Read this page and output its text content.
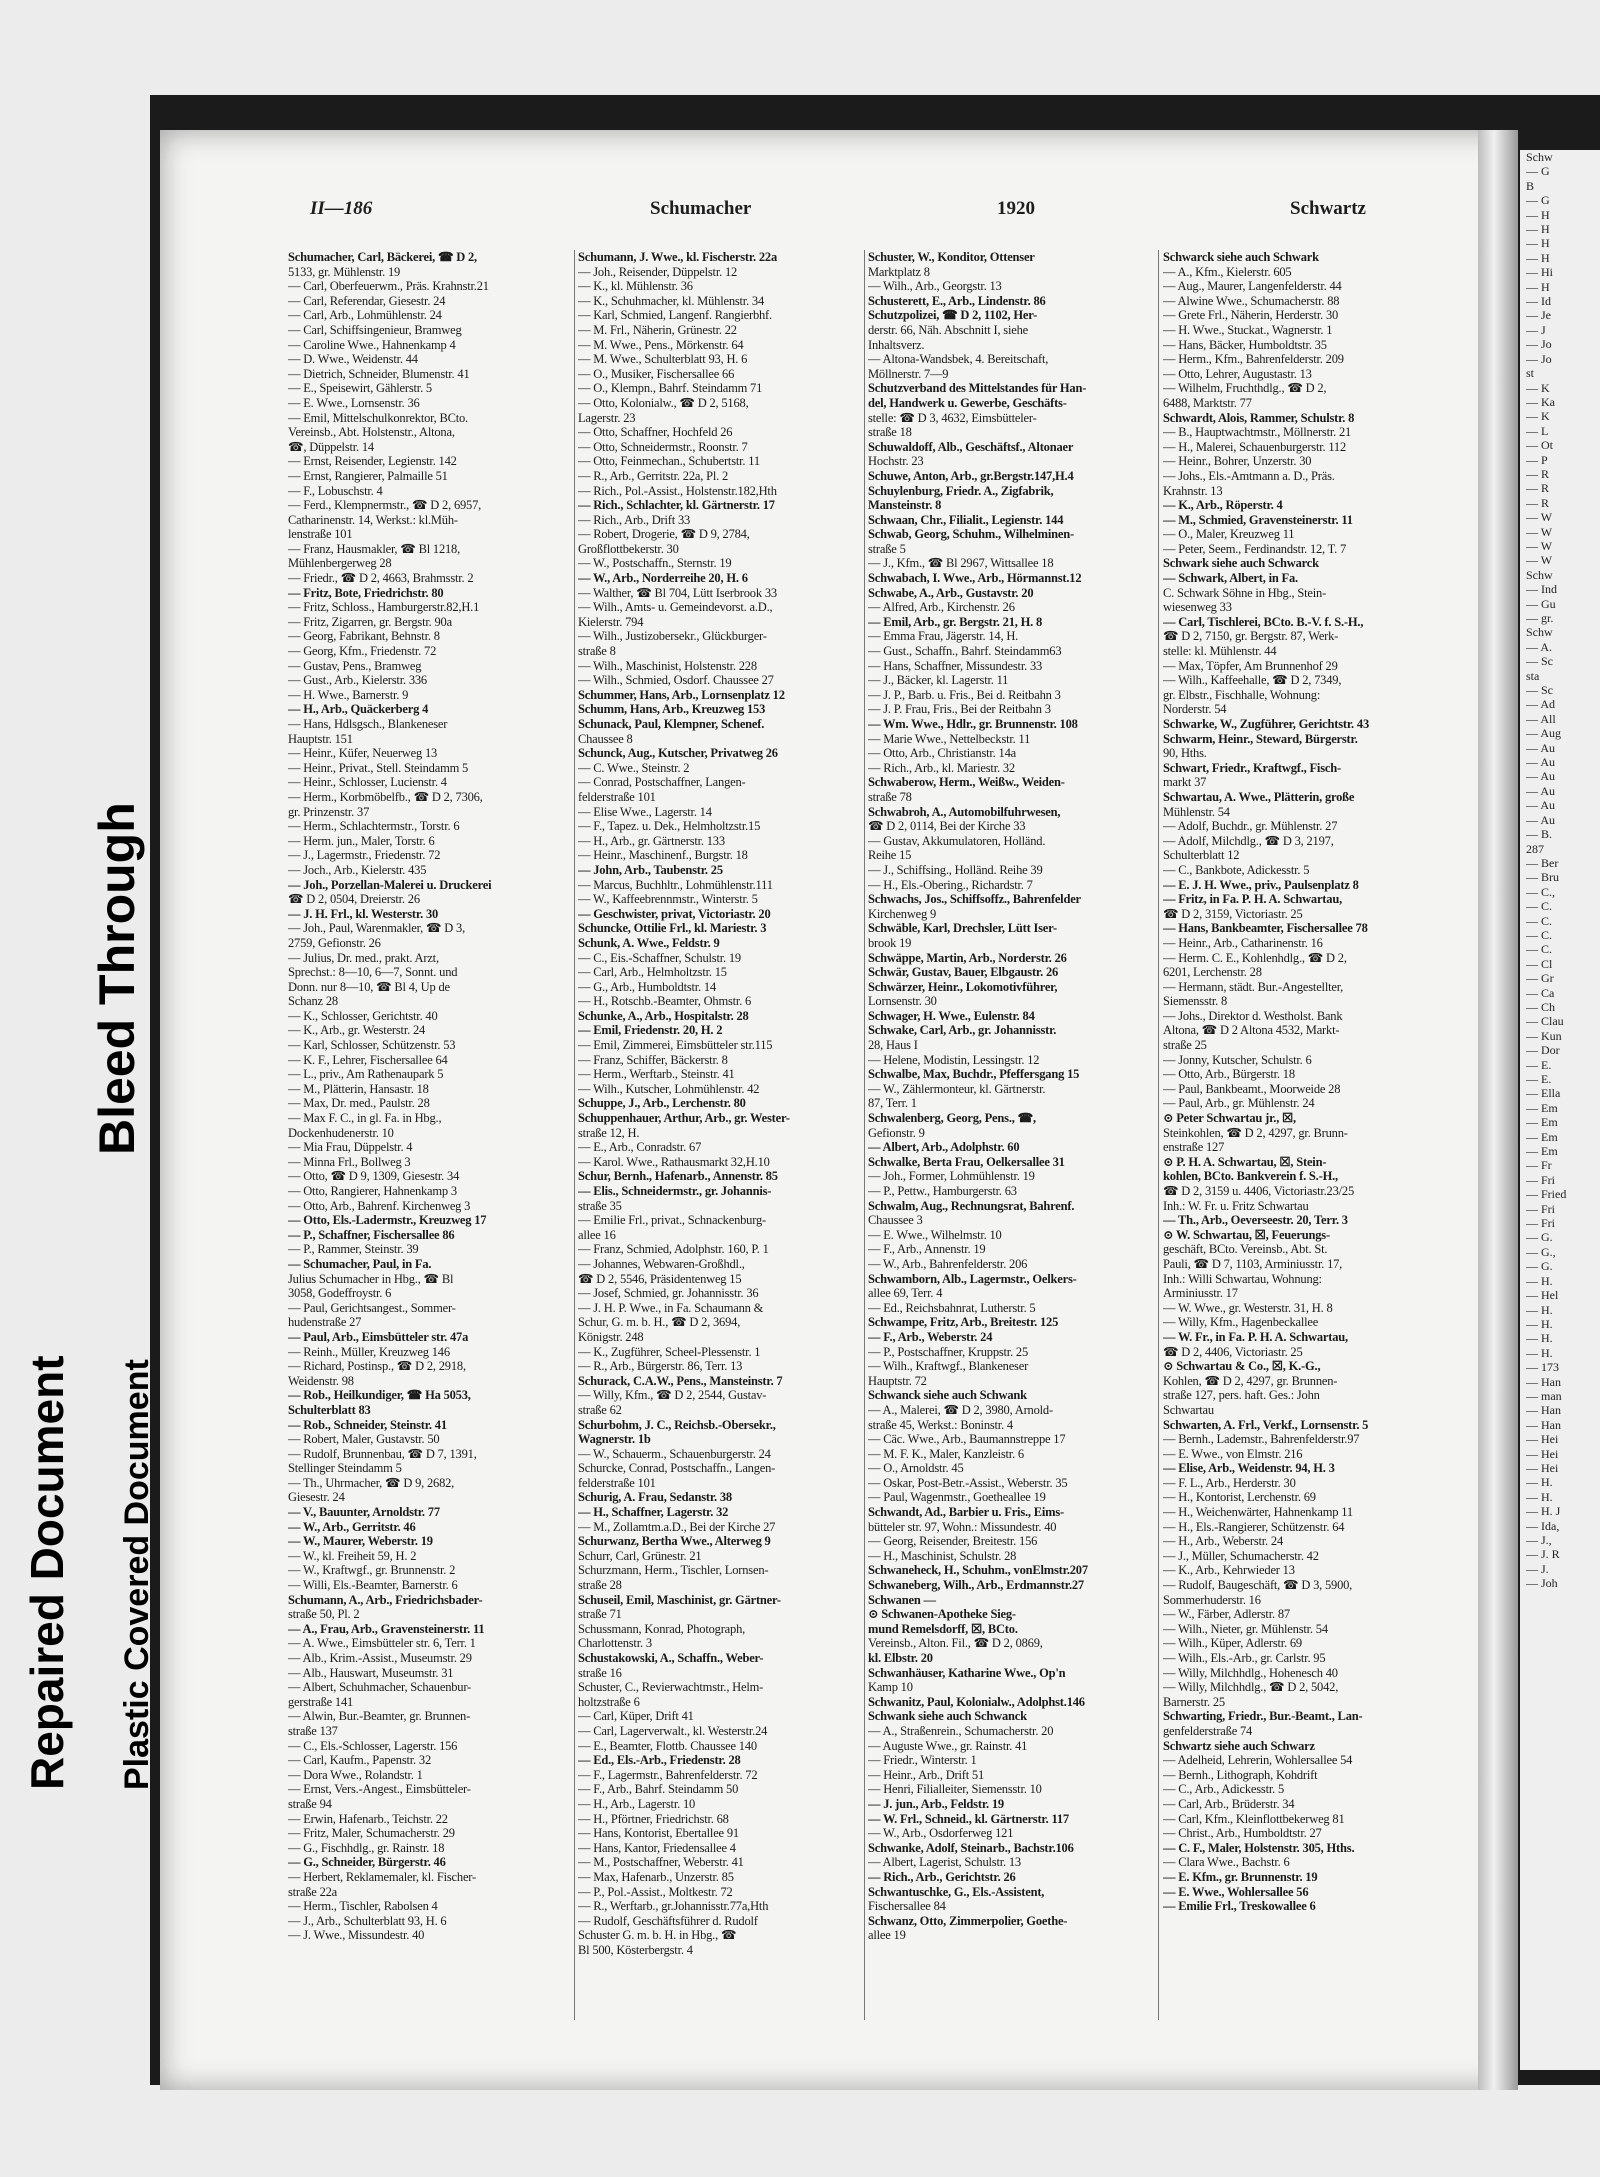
Schw
— G
B
— G
— H
— H
— H
— H
— Hi
— H
— Id
— Je
— J
— Jo
— Jo
st
— K
— Ka
— K
— L
— Ot
— P
— R
— R
— R
— W
— W
— W
— W
Schw
— Ind
— Gu
— gr.
Schw
— A.
— Sc
sta
— Sc
— Ad
— All
— Aug
— Au
— Au
— Au
— Au
— Au
— Au
— B.
287
— Ber
— Bru
— C.,
— C.
— C.
— C.
— C.
— Cl
— Gr
— Ca
— Ch
— Clau
— Kun
— Dor
— E.
— E.
— Ella
— Em
— Em
— Em
— Em
— Fr
— Fri
— Fried
— Fri
— Fri
— G.
— G.,
— G.
— H.
— Hel
— H.
— H.
— H.
— H.
— 173
— Han
— man
— Han
— Han
— Hei
— Hei
— Hei
— H.
— H.
— H. J
— Ida,
— J.,
— J. R
— J.
— Joh
Bleed Through
Repaired Document Plastic Covered Document
II—186	Schumacher	1920	Schwartz
Schumacher, Carl, Bäckerei, ☎ D 2,
5133, gr. Mühlenstr. 19
— Carl, Oberfeuerwm., Präs. Krahnstr.21
— Carl, Referendar, Giesestr. 24
— Carl, Arb., Lohmühlenstr. 24
— Carl, Schiffsingenieur, Bramweg
— Caroline Wwe., Hahnenkamp 4
— D. Wwe., Weidenstr. 44
— Dietrich, Schneider, Blumenstr. 41
— E., Speisewirt, Gählerstr. 5
— E. Wwe., Lornsenstr. 36
— Emil, Mittelschulkonrektor, BCto.
Vereinsb., Abt. Holstenstr., Altona,
☎, Düppelstr. 14
— Ernst, Reisender, Legienstr. 142
— Ernst, Rangierer, Palmaille 51
— F., Lobuschstr. 4
— Ferd., Klempnermstr., ☎ D 2, 6957,
Catharinenstr. 14, Werkst.: kl.Müh-
lenstraße 101
— Franz, Hausmakler, ☎ Bl 1218,
Mühlenbergerweg 28
— Friedr., ☎ D 2, 4663, Brahmsstr. 2
— Fritz, Bote, Friedrichstr. 80
— Fritz, Schloss., Hamburgerstr.82,H.1
— Fritz, Zigarren, gr. Bergstr. 90a
— Georg, Fabrikant, Behnstr. 8
— Georg, Kfm., Friedenstr. 72
— Gustav, Pens., Bramweg
— Gust., Arb., Kielerstr. 336
— H. Wwe., Barnerstr. 9
— H., Arb., Quäckerberg 4
— Hans, Hdlsgsch., Blankeneser
Hauptstr. 151
— Heinr., Küfer, Neuerweg 13
— Heinr., Privat., Stell. Steindamm 5
— Heinr., Schlosser, Lucienstr. 4
— Herm., Korbmöbelfb., ☎ D 2, 7306,
gr. Prinzenstr. 37
— Herm., Schlachtermstr., Torstr. 6
— Herm. jun., Maler, Torstr. 6
— J., Lagermstr., Friedenstr. 72
— Joch., Arb., Kielerstr. 435
— Joh., Porzellan-Malerei u. Druckerei
☎ D 2, 0504, Dreierstr. 26
— J. H. Frl., kl. Westerstr. 30
— Joh., Paul, Warenmakler, ☎ D 3,
2759, Gefionstr. 26
— Julius, Dr. med., prakt. Arzt,
Sprechst.: 8—10, 6—7, Sonnt. und
Donn. nur 8—10, ☎ Bl 4, Up de
Schanz 28
— K., Schlosser, Gerichtstr. 40
— K., Arb., gr. Westerstr. 24
— Karl, Schlosser, Schützenstr. 53
— K. F., Lehrer, Fischersallee 64
— L., priv., Am Rathenaupark 5
— M., Plätterin, Hansastr. 18
— Max, Dr. med., Paulstr. 28
— Max F. C., in gl. Fa. in Hbg.,
Dockenhudenerstr. 10
— Mia Frau, Düppelstr. 4
— Minna Frl., Bollweg 3
— Otto, ☎ D 9, 1309, Giesestr. 34
— Otto, Rangierer, Hahnenkamp 3
— Otto, Arb., Bahrenf. Kirchenweg 3
— Otto, Els.-Ladermstr., Kreuzweg 17
— P., Schaffner, Fischersallee 86
— P., Rammer, Steinstr. 39
— Schumacher, Paul, in Fa.
Julius Schumacher in Hbg., ☎ Bl
3058, Godeffroystr. 6
— Paul, Gerichtsangest., Sommer-
hudenstraße 27
— Paul, Arb., Eimsbütteler str. 47a
— Reinh., Müller, Kreuzweg 146
— Richard, Postinsp., ☎ D 2, 2918,
Weidenstr. 98
— Rob., Heilkundiger, ☎ Ha 5053,
Schulterblatt 83
— Rob., Schneider, Steinstr. 41
— Robert, Maler, Gustavstr. 50
— Rudolf, Brunnenbau, ☎ D 7, 1391,
Stellinger Steindamm 5
— Th., Uhrmacher, ☎ D 9, 2682,
Giesestr. 24
— V., Bauunter, Arnoldstr. 77
— W., Arb., Gerritstr. 46
— W., Maurer, Weberstr. 19
— W., kl. Freiheit 59, H. 2
— W., Kraftwgf., gr. Brunnenstr. 2
— Willi, Els.-Beamter, Barnerstr. 6
Schumann, A., Arb., Friedrichsbader-
straße 50, Pl. 2
— A., Frau, Arb., Gravensteinerstr. 11
— A. Wwe., Eimsbütteler str. 6, Terr. 1
— Alb., Krim.-Assist., Museumstr. 29
— Alb., Hauswart, Museumstr. 31
— Albert, Schuhmacher, Schauenbur-
gerstraße 141
— Alwin, Bur.-Beamter, gr. Brunnen-
straße 137
— C., Els.-Schlosser, Lagerstr. 156
— Carl, Kaufm., Papenstr. 32
— Dora Wwe., Rolandstr. 1
— Ernst, Vers.-Angest., Eimsbütteler-
straße 94
— Erwin, Hafenarb., Teichstr. 22
— Fritz, Maler, Schumacherstr. 29
— G., Fischhdlg., gr. Rainstr. 18
— G., Schneider, Bürgerstr. 46
— Herbert, Reklamemaler, kl. Fischer-
straße 22a
— Herm., Tischler, Rabolsen 4
— J., Arb., Schulterblatt 93, H. 6
— J. Wwe., Missundestr. 40
Schumann, J. Wwe., kl. Fischerstr. 22a
— Joh., Reisender, Düppelstr. 12
— K., kl. Mühlenstr. 36
— K., Schuhmacher, kl. Mühlenstr. 34
— Karl, Schmied, Langenf. Rangierbhf.
— M. Frl., Näherin, Grünestr. 22
— M. Wwe., Pens., Mörkenstr. 64
— M. Wwe., Schulterblatt 93, H. 6
— O., Musiker, Fischersallee 66
— O., Klempn., Bahrf. Steindamm 71
— Otto, Kolonialw., ☎ D 2, 5168,
Lagerstr. 23
— Otto, Schaffner, Hochfeld 26
— Otto, Schneidermstr., Roonstr. 7
— Otto, Feinmechan., Schubertstr. 11
— R., Arb., Gerritstr. 22a, Pl. 2
— Rich., Pol.-Assist., Holstenstr.182,Hth
— Rich., Schlachter, kl. Gärtnerstr. 17
— Rich., Arb., Drift 33
— Robert, Drogerie, ☎ D 9, 2784,
Großflottbekerstr. 30
— W., Postschaffn., Sternstr. 19
— W., Arb., Norderreihe 20, H. 6
— Walther, ☎ Bl 704, Lütt Iserbrook 33
— Wilh., Amts- u. Gemeindevorst. a.D.,
Kielerstr. 794
— Wilh., Justizobersekr., Glückburger-
straße 8
— Wilh., Maschinist, Holstenstr. 228
— Wilh., Schmied, Osdorf. Chaussee 27
Schummer, Hans, Arb., Lornsenplatz 12
Schumm, Hans, Arb., Kreuzweg 153
Schunack, Paul, Klempner, Schenef.
Chaussee 8
Schunck, Aug., Kutscher, Privatweg 26
— C. Wwe., Steinstr. 2
— Conrad, Postschaffner, Langen-
felderstraße 101
— Elise Wwe., Lagerstr. 14
— F., Tapez. u. Dek., Helmholtzstr.15
— H., Arb., gr. Gärtnerstr. 133
— Heinr., Maschinenf., Burgstr. 18
— John, Arb., Taubenstr. 25
— Marcus, Buchhltr., Lohmühlenstr.111
— W., Kaffeebrennmstr., Winterstr. 5
— Geschwister, privat, Victoriastr. 20
Schuncke, Ottilie Frl., kl. Mariestr. 3
Schunk, A. Wwe., Feldstr. 9
— C., Eis.-Schaffner, Schulstr. 19
— Carl, Arb., Helmholtzstr. 15
— G., Arb., Humboldtstr. 14
— H., Rotschb.-Beamter, Ohmstr. 6
Schunke, A., Arb., Hospitalstr. 28
— Emil, Friedenstr. 20, H. 2
— Emil, Zimmerei, Eimsbütteler str.115
— Franz, Schiffer, Bäckerstr. 8
— Herm., Werftarb., Steinstr. 41
— Wilh., Kutscher, Lohmühlenstr. 42
Schuppe, J., Arb., Lerchenstr. 80
Schuppenhauer, Arthur, Arb., gr. Wester-
straße 12, H.
— E., Arb., Conradstr. 67
— Karol. Wwe., Rathausmarkt 32,H.10
Schur, Bernh., Hafenarb., Annenstr. 85
— Elis., Schneidermstr., gr. Johannis-
straße 35
— Emilie Frl., privat., Schnackenburg-
allee 16
— Franz, Schmied, Adolphstr. 160, P. 1
— Johannes, Webwaren-Großhdl.,
☎ D 2, 5546, Präsidentenweg 15
— Josef, Schmied, gr. Johannisstr. 36
— J. H. P. Wwe., in Fa. Schaumann &
Schur, G. m. b. H., ☎ D 2, 3694,
Königstr. 248
— K., Zugführer, Scheel-Plessenstr. 1
— R., Arb., Bürgerstr. 86, Terr. 13
Schurack, C.A.W., Pens., Mansteinstr. 7
— Willy, Kfm., ☎ D 2, 2544, Gustav-
straße 62
Schurbohm, J. C., Reichsb.-Obersekr.,
Wagnerstr. 1b
— W., Schauerm., Schauenburgerstr. 24
Schurcke, Conrad, Postschaffn., Langen-
felderstraße 101
Schurig, A. Frau, Sedanstr. 38
— H., Schaffner, Lagerstr. 32
— M., Zollamtm.a.D., Bei der Kirche 27
Schurwanz, Bertha Wwe., Alterweg 9
Schurr, Carl, Grünestr. 21
Schurzmann, Herm., Tischler, Lornsen-
straße 28
Schuseil, Emil, Maschinist, gr. Gärtner-
straße 71
Schussmann, Konrad, Photograph,
Charlottenstr. 3
Schustakowski, A., Schaffn., Weber-
straße 16
Schuster, C., Revierwachtmstr., Helm-
holtzstraße 6
— Carl, Küper, Drift 41
— Carl, Lagerverwalt., kl. Westerstr.24
— E., Beamter, Flottb. Chaussee 140
— Ed., Els.-Arb., Friedenstr. 28
— F., Lagermstr., Bahrenfelderstr. 72
— F., Arb., Bahrf. Steindamm 50
— H., Arb., Lagerstr. 10
— H., Pförtner, Friedrichstr. 68
— Hans, Kontorist, Ebertallee 91
— Hans, Kantor, Friedensallee 4
— M., Postschaffner, Weberstr. 41
— Max, Hafenarb., Unzerstr. 85
— P., Pol.-Assist., Moltkestr. 72
— R., Werftarb., gr.Johannisstr.77a,Hth
— Rudolf, Geschäftsführer d. Rudolf
Schuster G. m. b. H. in Hbg., ☎
Bl 500, Kösterbergstr. 4
Schuster, W., Konditor, Ottenser
Marktplatz 8
— Wilh., Arb., Georgstr. 13
Schusterett, E., Arb., Lindenstr. 86
Schutzpolizei, ☎ D 2, 1102, Her-
derstr. 66, Näh. Abschnitt I, siehe
Inhaltsverz.
— Altona-Wandsbek, 4. Bereitschaft,
Möllnerstr. 7—9
Schutzverband des Mittelstandes für Han-
del, Handwerk u. Gewerbe, Geschäfts-
stelle: ☎ D 3, 4632, Eimsbütteler-
straße 18
Schuwaldoff, Alb., Geschäftsf., Altonaer
Hochstr. 23
Schuwe, Anton, Arb., gr.Bergstr.147,H.4
Schuylenburg, Friedr. A., Zigfabrik,
Mansteinstr. 8
Schwaan, Chr., Filialit., Legienstr. 144
Schwab, Georg, Schuhm., Wilhelminen-
straße 5
— J., Kfm., ☎ Bl 2967, Wittsallee 18
Schwabach, I. Wwe., Arb., Hörmannst.12
Schwabe, A., Arb., Gustavstr. 20
— Alfred, Arb., Kirchenstr. 26
— Emil, Arb., gr. Bergstr. 21, H. 8
— Emma Frau, Jägerstr. 14, H.
— Gust., Schaffn., Bahrf. Steindamm63
— Hans, Schaffner, Missundestr. 33
— J., Bäcker, kl. Lagerstr. 11
— J. P., Barb. u. Fris., Bei d. Reitbahn 3
— J. P. Frau, Fris., Bei der Reitbahn 3
— Wm. Wwe., Hdlr., gr. Brunnenstr. 108
— Marie Wwe., Nettelbeckstr. 11
— Otto, Arb., Christianstr. 14a
— Rich., Arb., kl. Mariestr. 32
Schwaberow, Herm., Weißw., Weiden-
straße 78
Schwabroh, A., Automobilfuhrwesen,
☎ D 2, 0114, Bei der Kirche 33
— Gustav, Akkumulatoren, Holländ.
Reihe 15
— J., Schiffsing., Holländ. Reihe 39
— H., Els.-Obering., Richardstr. 7
Schwachs, Jos., Schiffsoffz., Bahrenfelder
Kirchenweg 9
Schwäble, Karl, Drechsler, Lütt Iser-
brook 19
Schwäppe, Martin, Arb., Norderstr. 26
Schwär, Gustav, Bauer, Elbgaustr. 26
Schwärzer, Heinr., Lokomotivführer,
Lornsenstr. 30
Schwager, H. Wwe., Eulenstr. 84
Schwake, Carl, Arb., gr. Johannisstr.
28, Haus I
— Helene, Modistin, Lessingstr. 12
Schwalbe, Max, Buchdr., Pfeffersgang 15
— W., Zählermonteur, kl. Gärtnerstr.
87, Terr. 1
Schwalenberg, Georg, Pens., ☎,
Gefionstr. 9
— Albert, Arb., Adolphstr. 60
Schwalke, Berta Frau, Oelkersallee 31
— Joh., Former, Lohmühlenstr. 19
— P., Pettw., Hamburgerstr. 63
Schwalm, Aug., Rechnungsrat, Bahrenf.
Chaussee 3
— E. Wwe., Wilhelmstr. 10
— F., Arb., Annenstr. 19
— W., Arb., Bahrenfelderstr. 206
Schwamborn, Alb., Lagermstr., Oelkers-
allee 69, Terr. 4
— Ed., Reichsbahnrat, Lutherstr. 5
Schwampe, Fritz, Arb., Breitestr. 125
— F., Arb., Weberstr. 24
— P., Postschaffner, Kruppstr. 25
— Wilh., Kraftwgf., Blankeneser
Hauptstr. 72
Schwanck siehe auch Schwank
— A., Malerei, ☎ D 2, 3980, Arnold-
straße 45, Werkst.: Boninstr. 4
— Cäc. Wwe., Arb., Baumannstreppe 17
— M. F. K., Maler, Kanzleistr. 6
— O., Arnoldstr. 45
— Oskar, Post-Betr.-Assist., Weberstr. 35
— Paul, Wagenmstr., Goetheallee 19
Schwandt, Ad., Barbier u. Fris., Eims-
bütteler str. 97, Wohn.: Missundestr. 40
— Georg, Reisender, Breitestr. 156
— H., Maschinist, Schulstr. 28
Schwaneheck, H., Schuhm., vonElmstr.207
Schwaneberg, Wilh., Arb., Erdmannstr.27
Schwanen —
⊙ Schwanen-Apotheke Sieg-
mund Remelsdorff, ☒, BCto.
Vereinsb., Alton. Fil., ☎ D 2, 0869,
kl. Elbstr. 20
Schwanhäuser, Katharine Wwe., Op'n
Kamp 10
Schwanitz, Paul, Kolonialw., Adolphst.146
Schwank siehe auch Schwanck
— A., Straßenrein., Schumacherstr. 20
— Auguste Wwe., gr. Rainstr. 41
— Friedr., Winterstr. 1
— Heinr., Arb., Drift 51
— Henri, Filialleiter, Siemensstr. 10
— J. jun., Arb., Feldstr. 19
— W. Frl., Schneid., kl. Gärtnerstr. 117
— W., Arb., Osdorferweg 121
Schwanke, Adolf, Steinarb., Bachstr.106
— Albert, Lagerist, Schulstr. 13
— Rich., Arb., Gerichtstr. 26
Schwantuschke, G., Els.-Assistent,
Fischersallee 84
Schwanz, Otto, Zimmerpolier, Goethe-
allee 19
Schwarck siehe auch Schwark
— A., Kfm., Kielerstr. 605
— Aug., Maurer, Langenfelderstr. 44
— Alwine Wwe., Schumacherstr. 88
— Grete Frl., Näherin, Herderstr. 30
— H. Wwe., Stuckat., Wagnerstr. 1
— Hans, Bäcker, Humboldtstr. 35
— Herm., Kfm., Bahrenfelderstr. 209
— Otto, Lehrer, Augustastr. 13
— Wilhelm, Fruchthdlg., ☎ D 2,
6488, Marktstr. 77
Schwardt, Alois, Rammer, Schulstr. 8
— B., Hauptwachtmstr., Möllnerstr. 21
— H., Malerei, Schauenburgerstr. 112
— Heinr., Bohrer, Unzerstr. 30
— Johs., Els.-Amtmann a. D., Präs.
Krahnstr. 13
— K., Arb., Röperstr. 4
— M., Schmied, Gravensteinerstr. 11
— O., Maler, Kreuzweg 11
— Peter, Seem., Ferdinandstr. 12, T. 7
Schwark siehe auch Schwarck
— Schwark, Albert, in Fa.
C. Schwark Söhne in Hbg., Stein-
wiesenweg 33
— Carl, Tischlerei, BCto. B.-V. f. S.-H.,
☎ D 2, 7150, gr. Bergstr. 87, Werk-
stelle: kl. Mühlenstr. 44
— Max, Töpfer, Am Brunnenhof 29
— Wilh., Kaffeehalle, ☎ D 2, 7349,
gr. Elbstr., Fischhalle, Wohnung:
Norderstr. 54
Schwarke, W., Zugführer, Gerichtstr. 43
Schwarm, Heinr., Steward, Bürgerstr.
90, Hths.
Schwart, Friedr., Kraftwgf., Fisch-
markt 37
Schwartau, A. Wwe., Plätterin, große
Mühlenstr. 54
— Adolf, Buchdr., gr. Mühlenstr. 27
— Adolf, Milchdlg., ☎ D 3, 2197,
Schulterblatt 12
— C., Bankbote, Adickesstr. 5
— E. J. H. Wwe., priv., Paulsenplatz 8
— Fritz, in Fa. P. H. A. Schwartau,
☎ D 2, 3159, Victoriastr. 25
— Hans, Bankbeamter, Fischersallee 78
— Heinr., Arb., Catharinenstr. 16
— Herm. C. E., Kohlenhdlg., ☎ D 2,
6201, Lerchenstr. 28
— Hermann, städt. Bur.-Angestellter,
Siemensstr. 8
— Johs., Direktor d. Westholst. Bank
Altona, ☎ D 2 Altona 4532, Markt-
straße 25
— Jonny, Kutscher, Schulstr. 6
— Otto, Arb., Bürgerstr. 18
— Paul, Bankbeamt., Moorweide 28
— Paul, Arb., gr. Mühlenstr. 24
⊙ Peter Schwartau jr., ☒,
Steinkohlen, ☎ D 2, 4297, gr. Brunn-
enstraße 127
⊙ P. H. A. Schwartau, ☒, Stein-
kohlen, BCto. Bankverein f. S.-H.,
☎ D 2, 3159 u. 4406, Victoriastr.23/25
Inh.: W. Fr. u. Fritz Schwartau
— Th., Arb., Oeverseestr. 20, Terr. 3
⊙ W. Schwartau, ☒, Feuerungs-
geschäft, BCto. Vereinsb., Abt. St.
Pauli, ☎ D 7, 1103, Arminiusstr. 17,
Inh.: Willi Schwartau, Wohnung:
Arminiusstr. 17
— W. Wwe., gr. Westerstr. 31, H. 8
— Willy, Kfm., Hagenbeckallee
— W. Fr., in Fa. P. H. A. Schwartau,
☎ D 2, 4406, Victoriastr. 25
⊙ Schwartau & Co., ☒, K.-G.,
Kohlen, ☎ D 2, 4297, gr. Brunnen-
straße 127, pers. haft. Ges.: John
Schwartau
Schwarten, A. Frl., Verkf., Lornsenstr. 5
— Bernh., Lademstr., Bahrenfelderstr.97
— E. Wwe., von Elmstr. 216
— Elise, Arb., Weidenstr. 94, H. 3
— F. L., Arb., Herderstr. 30
— H., Kontorist, Lerchenstr. 69
— H., Weichenwärter, Hahnenkamp 11
— H., Els.-Rangierer, Schützenstr. 64
— H., Arb., Weberstr. 24
— J., Müller, Schumacherstr. 42
— K., Arb., Kehrwieder 13
— Rudolf, Baugeschäft, ☎ D 3, 5900,
Sommerhuderstr. 16
— W., Färber, Adlerstr. 87
— Wilh., Nieter, gr. Mühlenstr. 54
— Wilh., Küper, Adlerstr. 69
— Wilh., Els.-Arb., gr. Carlstr. 95
— Willy, Milchhdlg., Hohenesch 40
— Willy, Milchhdlg., ☎ D 2, 5042,
Barnerstr. 25
Schwarting, Friedr., Bur.-Beamt., Lan-
genfelderstraße 74
Schwartz siehe auch Schwarz
— Adelheid, Lehrerin, Wohlersallee 54
— Bernh., Lithograph, Kohdrift
— C., Arb., Adickesstr. 5
— Carl, Arb., Brüderstr. 34
— Carl, Kfm., Kleinflottbekerweg 81
— Christ., Arb., Humboldtstr. 27
— C. F., Maler, Holstenstr. 305, Hths.
— Clara Wwe., Bachstr. 6
— E. Kfm., gr. Brunnenstr. 19
— E. Wwe., Wohlersallee 56
— Emilie Frl., Treskowallee 6
